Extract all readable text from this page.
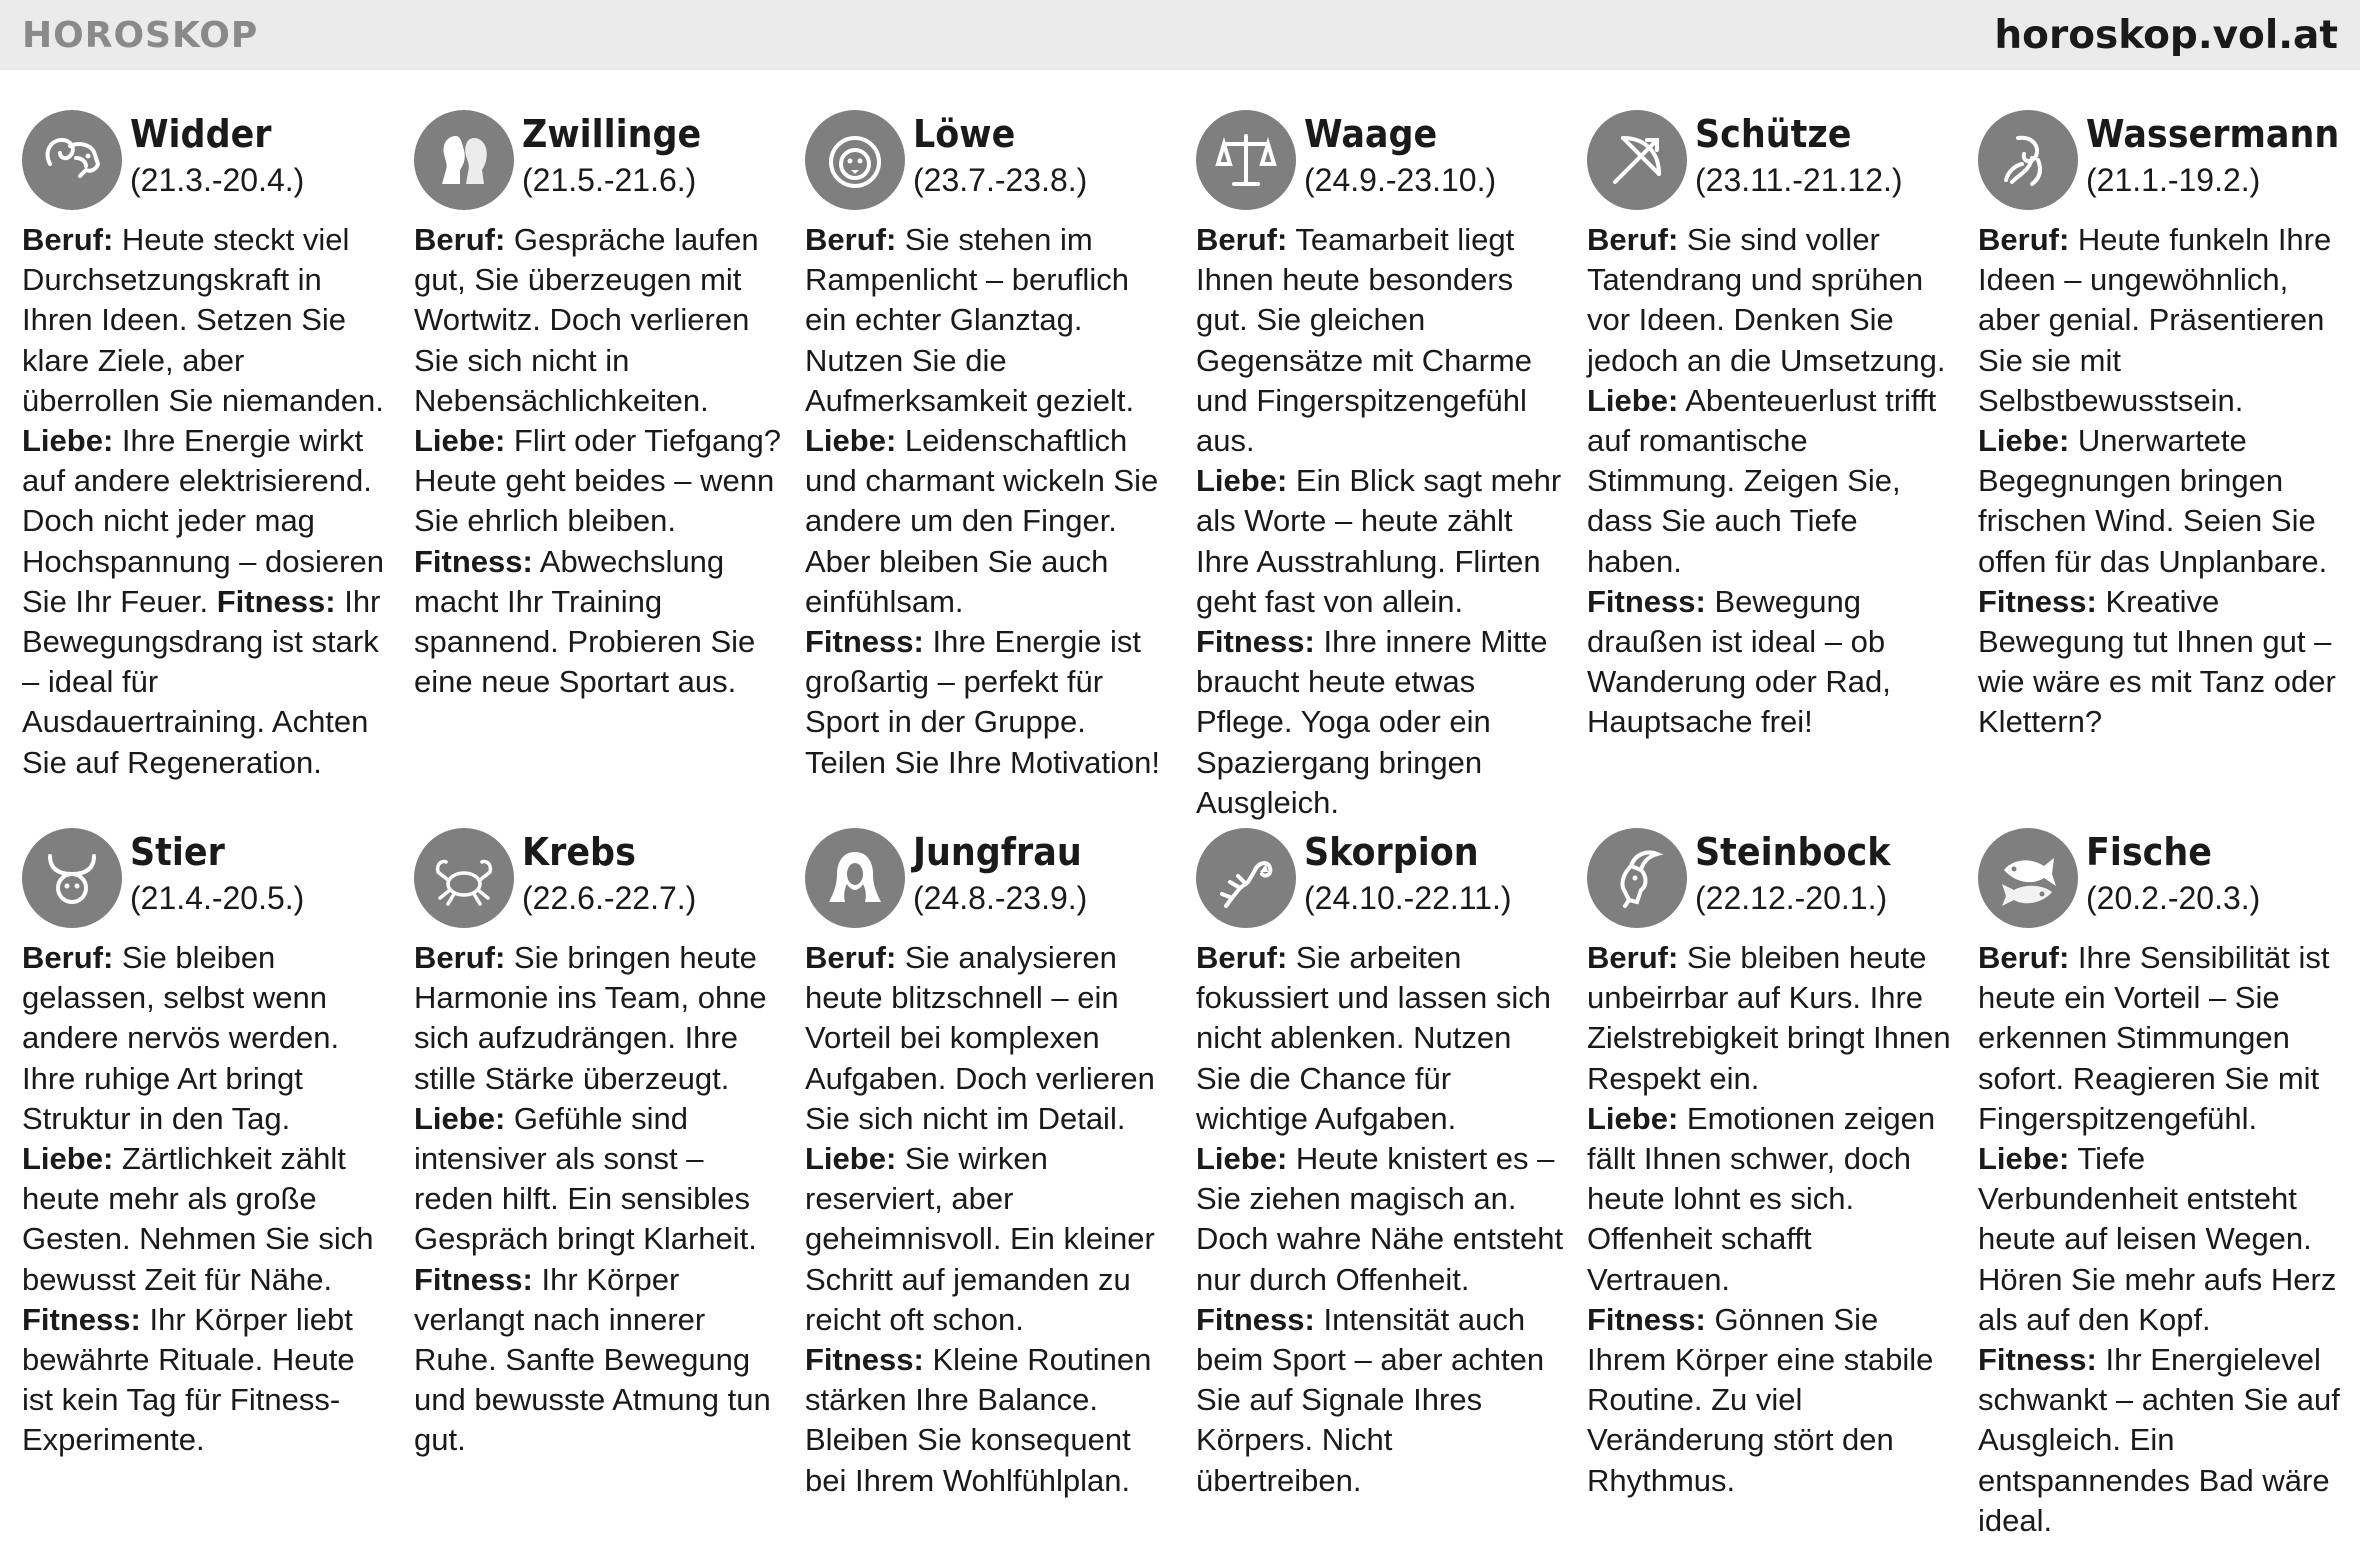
HOROSKOP	horoskop.vol.at
Widder
(21.3.-20.4.)
Beruf: Heute steckt viel Durchsetzungskraft in Ihren Ideen. Setzen Sie klare Ziele, aber überrollen Sie niemanden. Liebe: Ihre Energie wirkt auf andere elektrisierend. Doch nicht jeder mag Hochspannung – dosieren Sie Ihr Feuer. Fitness: Ihr Bewegungsdrang ist stark – ideal für Ausdauertraining. Achten Sie auf Regeneration.
Zwillinge
(21.5.-21.6.)
Beruf: Gespräche laufen gut, Sie überzeugen mit Wortwitz. Doch verlieren Sie sich nicht in Nebensächlichkeiten.
Liebe: Flirt oder Tiefgang? Heute geht beides – wenn Sie ehrlich bleiben.
Fitness: Abwechslung macht Ihr Training spannend. Probieren Sie eine neue Sportart aus.
Löwe
(23.7.-23.8.)
Beruf: Sie stehen im Rampenlicht – beruflich ein echter Glanztag. Nutzen Sie die Aufmerksamkeit gezielt.
Liebe: Leidenschaftlich und charmant wickeln Sie andere um den Finger. Aber bleiben Sie auch einfühlsam.
Fitness: Ihre Energie ist großartig – perfekt für Sport in der Gruppe. Teilen Sie Ihre Motivation!
Waage
(24.9.-23.10.)
Beruf: Teamarbeit liegt Ihnen heute besonders gut. Sie gleichen Gegensätze mit Charme und Fingerspitzengefühl aus.
Liebe: Ein Blick sagt mehr als Worte – heute zählt Ihre Ausstrahlung. Flirten geht fast von allein.
Fitness: Ihre innere Mitte braucht heute etwas Pflege. Yoga oder ein Spaziergang bringen Ausgleich.
Schütze
(23.11.-21.12.)
Beruf: Sie sind voller Tatendrang und sprühen vor Ideen. Denken Sie jedoch an die Umsetzung.
Liebe: Abenteuerlust trifft auf romantische Stimmung. Zeigen Sie, dass Sie auch Tiefe haben.
Fitness: Bewegung draußen ist ideal – ob Wanderung oder Rad, Hauptsache frei!
Wassermann
(21.1.-19.2.)
Beruf: Heute funkeln Ihre Ideen – ungewöhnlich, aber genial. Präsentieren Sie sie mit Selbstbewusstsein.
Liebe: Unerwartete Begegnungen bringen frischen Wind. Seien Sie offen für das Unplanbare.
Fitness: Kreative Bewegung tut Ihnen gut – wie wäre es mit Tanz oder Klettern?
Stier
(21.4.-20.5.)
Beruf: Sie bleiben gelassen, selbst wenn andere nervös werden. Ihre ruhige Art bringt Struktur in den Tag.
Liebe: Zärtlichkeit zählt heute mehr als große Gesten. Nehmen Sie sich bewusst Zeit für Nähe.
Fitness: Ihr Körper liebt bewährte Rituale. Heute ist kein Tag für Fitness-Experimente.
Krebs
(22.6.-22.7.)
Beruf: Sie bringen heute Harmonie ins Team, ohne sich aufzudrängen. Ihre stille Stärke überzeugt.
Liebe: Gefühle sind intensiver als sonst – reden hilft. Ein sensibles Gespräch bringt Klarheit.
Fitness: Ihr Körper verlangt nach innerer Ruhe. Sanfte Bewegung und bewusste Atmung tun gut.
Jungfrau
(24.8.-23.9.)
Beruf: Sie analysieren heute blitzschnell – ein Vorteil bei komplexen Aufgaben. Doch verlieren Sie sich nicht im Detail.
Liebe: Sie wirken reserviert, aber geheimnisvoll. Ein kleiner Schritt auf jemanden zu reicht oft schon.
Fitness: Kleine Routinen stärken Ihre Balance. Bleiben Sie konsequent bei Ihrem Wohlfühlplan.
Skorpion
(24.10.-22.11.)
Beruf: Sie arbeiten fokussiert und lassen sich nicht ablenken. Nutzen Sie die Chance für wichtige Aufgaben.
Liebe: Heute knistert es – Sie ziehen magisch an. Doch wahre Nähe entsteht nur durch Offenheit.
Fitness: Intensität auch beim Sport – aber achten Sie auf Signale Ihres Körpers. Nicht übertreiben.
Steinbock
(22.12.-20.1.)
Beruf: Sie bleiben heute unbeirrbar auf Kurs. Ihre Zielstrebigkeit bringt Ihnen Respekt ein.
Liebe: Emotionen zeigen fällt Ihnen schwer, doch heute lohnt es sich. Offenheit schafft Vertrauen.
Fitness: Gönnen Sie Ihrem Körper eine stabile Routine. Zu viel Veränderung stört den Rhythmus.
Fische
(20.2.-20.3.)
Beruf: Ihre Sensibilität ist heute ein Vorteil – Sie erkennen Stimmungen sofort. Reagieren Sie mit Fingerspitzengefühl.
Liebe: Tiefe Verbundenheit entsteht heute auf leisen Wegen. Hören Sie mehr aufs Herz als auf den Kopf.
Fitness: Ihr Energielevel schwankt – achten Sie auf Ausgleich. Ein entspannendes Bad wäre ideal.
